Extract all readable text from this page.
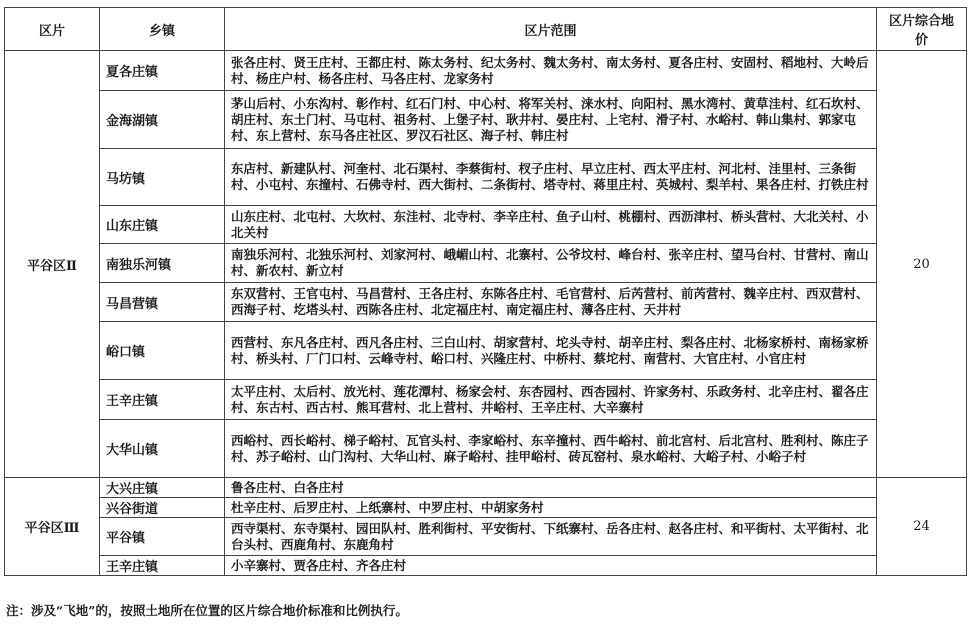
区片	乡镇	区片范围	区片综合地价
平谷区Ⅱ	夏各庄镇	张各庄村、贤王庄村、王都庄村、陈太务村、纪太务村、魏太务村、南太务村、夏各庄村、安固村、稻地村、大岭后村、杨庄户村、杨各庄村、马各庄村、龙家务村	20
	金海湖镇	茅山后村、小东沟村、彰作村、红石门村、中心村、将军关村、涞水村、向阳村、黑水湾村、黄草洼村、红石坎村、胡庄村、东土门村、马屯村、祖务村、上堡子村、耿井村、晏庄村、上宅村、滑子村、水峪村、韩山集村、郭家屯村、东上营村、东马各庄社区、罗汉石社区、海子村、韩庄村	
	马坊镇	东店村、新建队村、河奎村、北石渠村、李蔡街村、杈子庄村、早立庄村、西太平庄村、河北村、洼里村、三条街村、小屯村、东撞村、石佛寺村、西大街村、二条街村、塔寺村、蒋里庄村、英城村、梨羊村、果各庄村、打铁庄村	
	山东庄镇	山东庄村、北屯村、大坎村、东洼村、北寺村、李辛庄村、鱼子山村、桃棚村、西沥津村、桥头营村、大北关村、小北关村	
	南独乐河镇	南独乐河村、北独乐河村、刘家河村、峨嵋山村、北寨村、公爷坟村、峰台村、张辛庄村、望马台村、甘营村、南山村、新农村、新立村	
	马昌营镇	东双营村、王官屯村、马昌营村、王各庄村、东陈各庄村、毛官营村、后芮营村、前芮营村、魏辛庄村、西双营村、西海子村、圪塔头村、西陈各庄村、北定福庄村、南定福庄村、薄各庄村、天井村	
	峪口镇	西营村、东凡各庄村、西凡各庄村、三白山村、胡家营村、坨头寺村、胡辛庄村、梨各庄村、北杨家桥村、南杨家桥村、桥头村、厂门口村、云峰寺村、峪口村、兴隆庄村、中桥村、蔡坨村、南营村、大官庄村、小官庄村	
	王辛庄镇	太平庄村、太后村、放光村、莲花潭村、杨家会村、东杏园村、西杏园村、许家务村、乐政务村、北辛庄村、翟各庄村、东古村、西古村、熊耳营村、北上营村、井峪村、王辛庄村、大辛寨村	
	大华山镇	西峪村、西长峪村、梯子峪村、瓦官头村、李家峪村、东辛撞村、西牛峪村、前北宫村、后北宫村、胜利村、陈庄子村、苏子峪村、山门沟村、大华山村、麻子峪村、挂甲峪村、砖瓦窑村、泉水峪村、大峪子村、小峪子村	
平谷区Ⅲ	大兴庄镇	鲁各庄村、白各庄村	24
	兴谷街道	杜辛庄村、后罗庄村、上纸寨村、中罗庄村、中胡家务村	
	平谷镇	西寺渠村、东寺渠村、园田队村、胜利街村、平安街村、下纸寨村、岳各庄村、赵各庄村、和平街村、太平街村、北台头村、西鹿角村、东鹿角村	
	王辛庄镇	小辛寨村、贾各庄村、齐各庄村	
注：涉及“飞地”的，按照土地所在位置的区片综合地价标准和比例执行。
